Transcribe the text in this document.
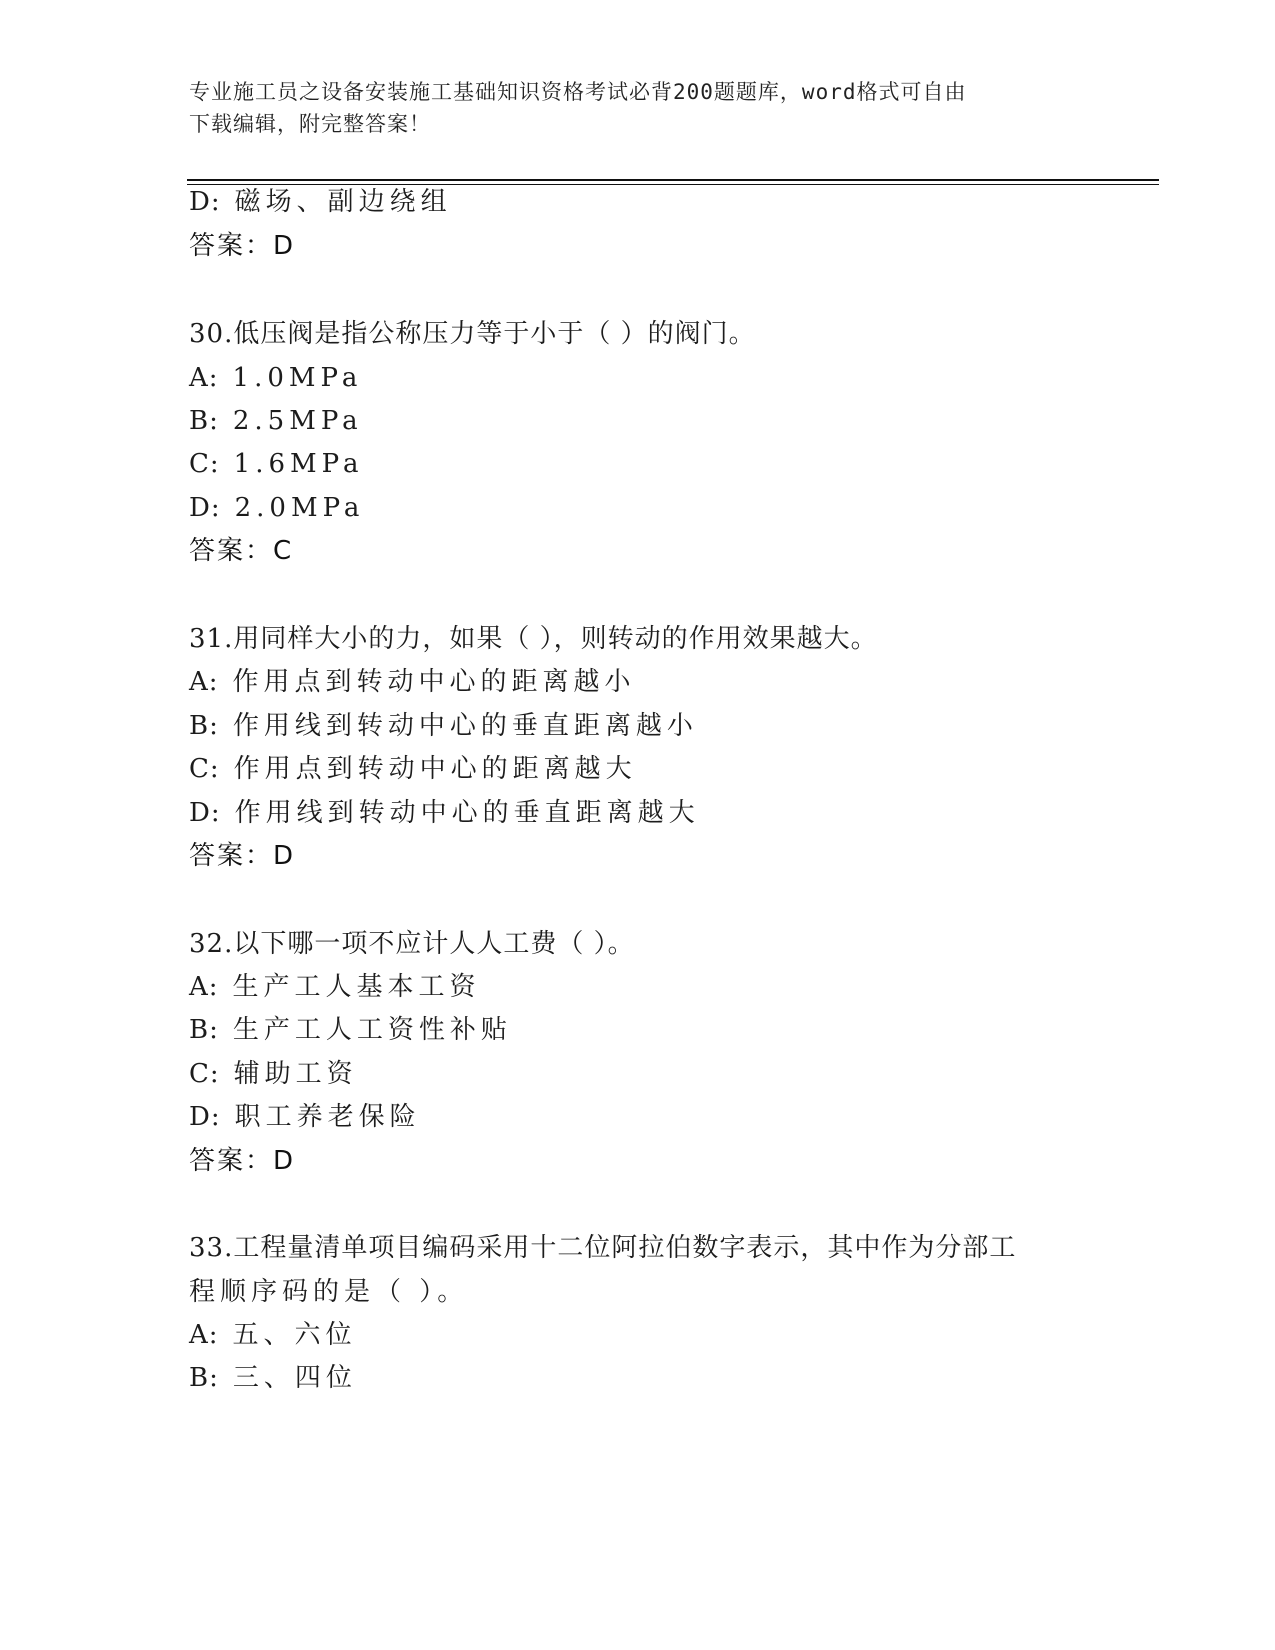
专业施工员之设备安装施工基础知识资格考试必背200题题库，word格式可自由
下载编辑，附完整答案！
D: 磁场、副边绕组
答案：D
30.低压阀是指公称压力等于小于（ ）的阀门。
A: 1.0MPa
B: 2.5MPa
C: 1.6MPa
D: 2.0MPa
答案：C
31.用同样大小的力，如果（ ），则转动的作用效果越大。
A: 作用点到转动中心的距离越小
B: 作用线到转动中心的垂直距离越小
C: 作用点到转动中心的距离越大
D: 作用线到转动中心的垂直距离越大
答案：D
32.以下哪一项不应计人人工费（ ）。
A: 生产工人基本工资
B: 生产工人工资性补贴
C: 辅助工资
D: 职工养老保险
答案：D
33.工程量清单项目编码采用十二位阿拉伯数字表示，其中作为分部工
程顺序码的是（ ）。
A: 五、六位
B: 三、四位
